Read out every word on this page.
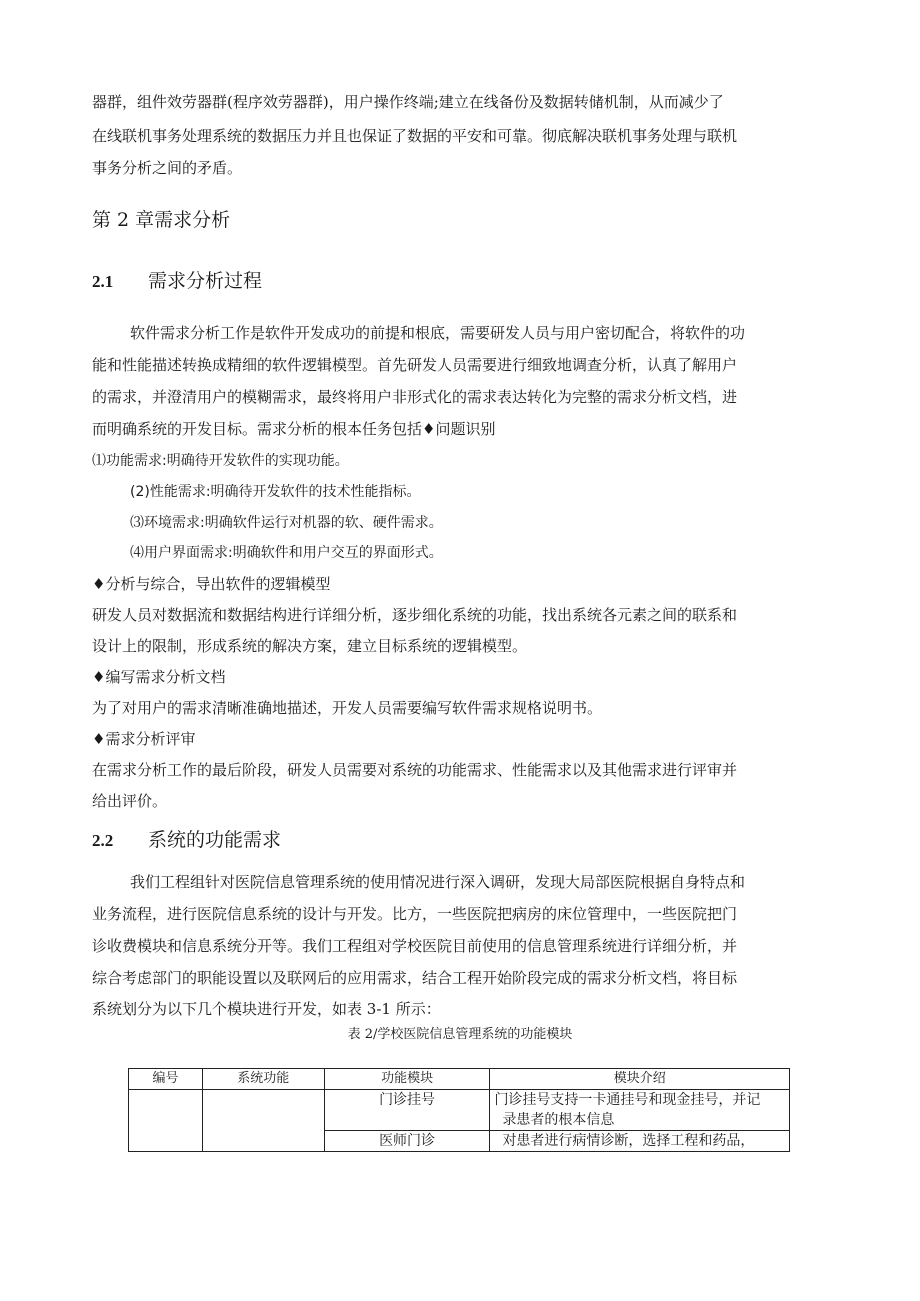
器群，组件效劳器群(程序效劳器群)，用户操作终端;建立在线备份及数据转储机制，从而减少了
在线联机事务处理系统的数据压力并且也保证了数据的平安和可靠。彻底解决联机事务处理与联机
事务分析之间的矛盾。
第 2 章需求分析
2.1 需求分析过程
软件需求分析工作是软件开发成功的前提和根底，需要研发人员与用户密切配合，将软件的功
能和性能描述转换成精细的软件逻辑模型。首先研发人员需要进行细致地调查分析，认真了解用户
的需求，并澄清用户的模糊需求，最终将用户非形式化的需求表达转化为完整的需求分析文档，进
而明确系统的开发目标。需求分析的根本任务包括♦问题识别
⑴功能需求:明确待开发软件的实现功能。
(2)性能需求:明确待开发软件的技术性能指标。
⑶环境需求:明确软件运行对机器的软、硬件需求。
⑷用户界面需求:明确软件和用户交互的界面形式。
♦分析与综合，导出软件的逻辑模型
研发人员对数据流和数据结构进行详细分析，逐步细化系统的功能，找出系统各元素之间的联系和
设计上的限制，形成系统的解决方案，建立目标系统的逻辑模型。
♦编写需求分析文档
为了对用户的需求清晰准确地描述，开发人员需要编写软件需求规格说明书。
♦需求分析评审
在需求分析工作的最后阶段，研发人员需要对系统的功能需求、性能需求以及其他需求进行评审并
给出评价。
2.2 系统的功能需求
我们工程组针对医院信息管理系统的使用情况进行深入调研，发现大局部医院根据自身特点和
业务流程，进行医院信息系统的设计与开发。比方，一些医院把病房的床位管理中，一些医院把门
诊收费模块和信息系统分开等。我们工程组对学校医院目前使用的信息管理系统进行详细分析，并
综合考虑部门的职能设置以及联网后的应用需求，结合工程开始阶段完成的需求分析文档，将目标
系统划分为以下几个模块进行开发，如表 3-1 所示：
表 2/学校医院信息管理系统的功能模块
编号	系统功能	功能模块	模块介绍
		门诊挂号	门诊挂号支持一卡通挂号和现金挂号，并记
录患者的根本信息

		医师门诊	对患者进行病情诊断，选择工程和药品，
